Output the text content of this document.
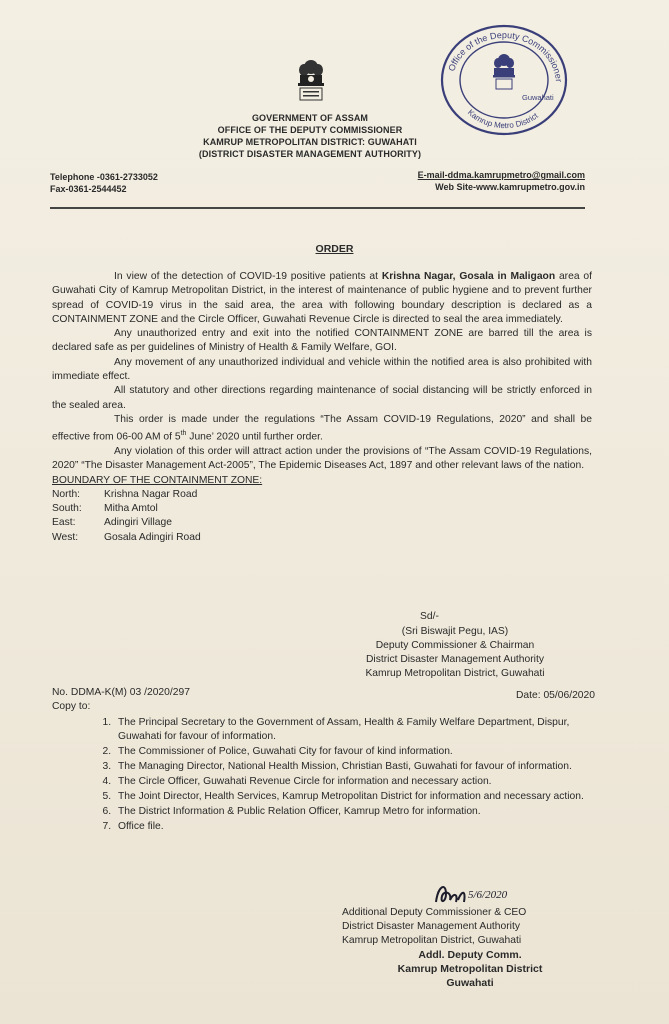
GOVERNMENT OF ASSAM
OFFICE OF THE DEPUTY COMMISSIONER
KAMRUP METROPOLITAN DISTRICT: GUWAHATI
(DISTRICT DISASTER MANAGEMENT AUTHORITY)
Office of the Deputy Commissioner
Kamrup Metro District
Guwahati
Telephone -0361-2733052
Fax-0361-2544452
E-mail-ddma.kamrupmetro@gmail.com
Web Site-www.kamrupmetro.gov.in
ORDER

In view of the detection of COVID-19 positive patients at Krishna Nagar, Gosala in Maligaon area of Guwahati City of Kamrup Metropolitan District, in the interest of maintenance of public hygiene and to prevent further spread of COVID-19 virus in the said area, the area with following boundary description is declared as a CONTAINMENT ZONE and the Circle Officer, Guwahati Revenue Circle is directed to seal the area immediately.

Any unauthorized entry and exit into the notified CONTAINMENT ZONE are barred till the area is declared safe as per guidelines of Ministry of Health & Family Welfare, GOI.

Any movement of any unauthorized individual and vehicle within the notified area is also prohibited with immediate effect.

All statutory and other directions regarding maintenance of social distancing will be strictly enforced in the sealed area.

This order is made under the regulations “The Assam COVID-19 Regulations, 2020” and shall be effective from 06-00 AM of 5th June’ 2020 until further order.

Any violation of this order will attract action under the provisions of “The Assam COVID-19 Regulations, 2020” “The Disaster Management Act-2005”, The Epidemic Diseases Act, 1897 and other relevant laws of the nation.

BOUNDARY OF THE CONTAINMENT ZONE:
North: Krishna Nagar Road
South: Mitha Amtol
East:	Adingiri Village
West:	Gosala Adingiri Road
Sd/-
(Sri Biswajit Pegu, IAS)
Deputy Commissioner & Chairman
District Disaster Management Authority
Kamrup Metropolitan District, Guwahati
No. DDMA-K(M) 03 /2020/297	Date: 05/06/2020
Copy to:
1. The Principal Secretary to the Government of Assam, Health & Family Welfare Department, Dispur, Guwahati for favour of information.
2. The Commissioner of Police, Guwahati City for favour of kind information.
3. The Managing Director, National Health Mission, Christian Basti, Guwahati for favour of information.
4. The Circle Officer, Guwahati Revenue Circle for information and necessary action.
5. The Joint Director, Health Services, Kamrup Metropolitan District for information and necessary action.
6. The District Information & Public Relation Officer, Kamrup Metro for information.
7. Office file.
5/6/2020
Additional Deputy Commissioner & CEO
District Disaster Management Authority
Kamrup Metropolitan District, Guwahati
Addl. Deputy Comm.
Kamrup Metropolitan District
Guwahati
